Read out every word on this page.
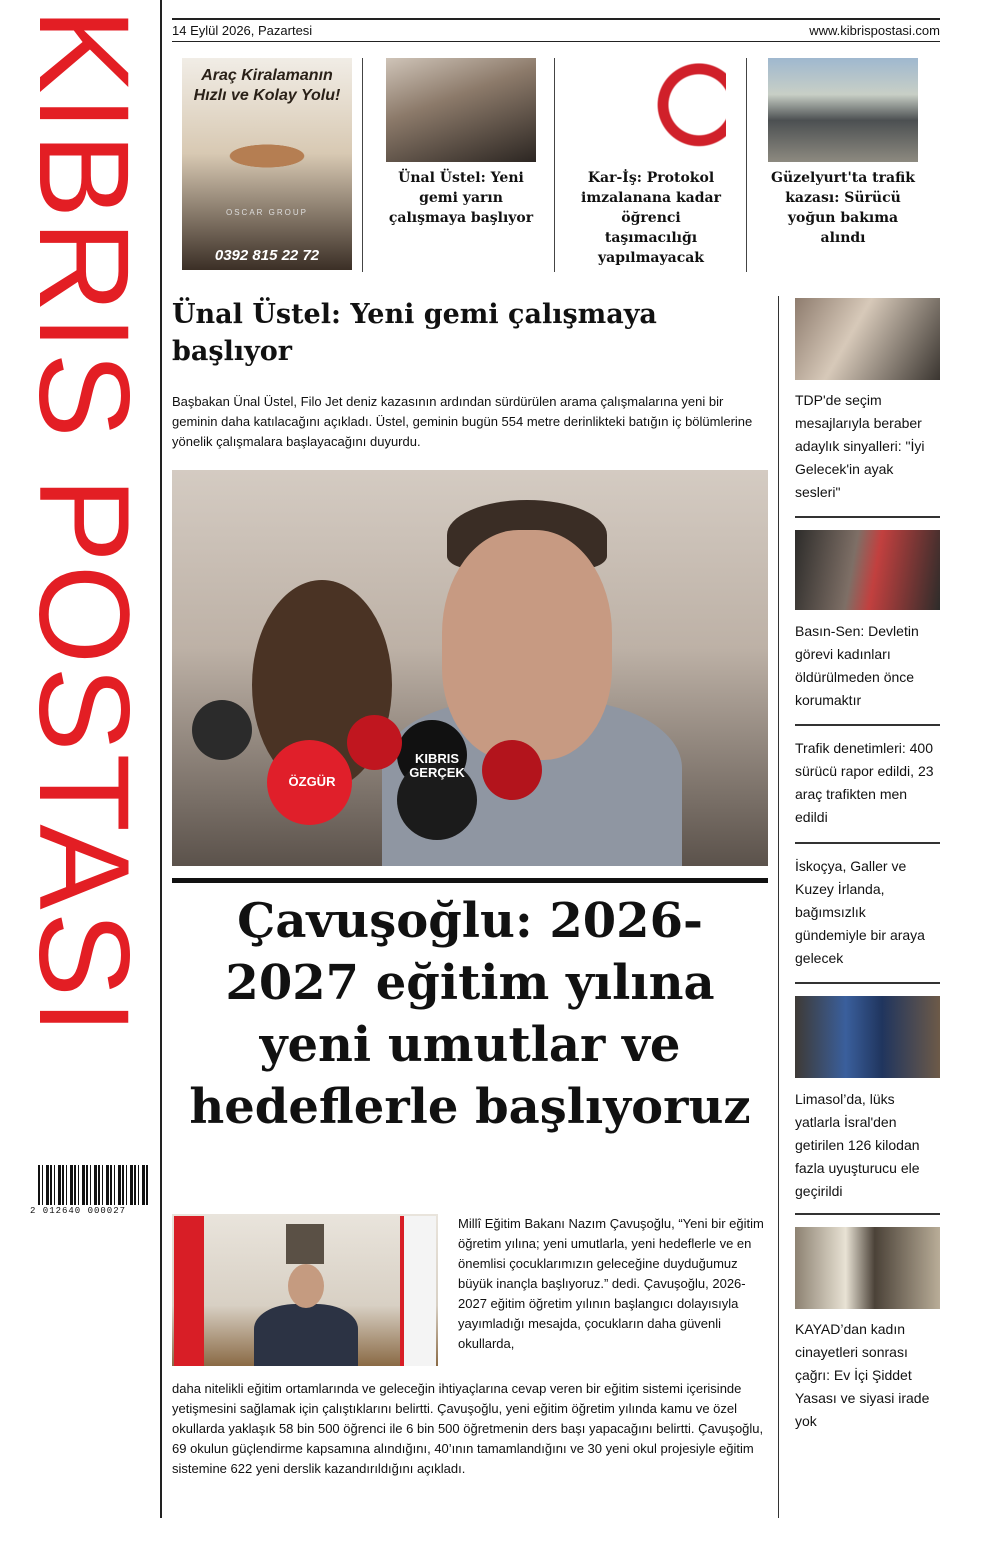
KIBRIS POSTASI
2 012640 000027
14 Eylül 2026, Pazartesi	www.kibrispostasi.com
Araç Kiralamanın Hızlı ve Kolay Yolu!
OSCAR GROUP
0392 815 22 72
Ünal Üstel: Yeni gemi yarın çalışmaya başlıyor
Kar-İş: Protokol imzalanana kadar öğrenci taşımacılığı yapılmayacak
Güzelyurt'ta trafik kazası: Sürücü yoğun bakıma alındı
Ünal Üstel: Yeni gemi çalışmaya başlıyor
Başbakan Ünal Üstel, Filo Jet deniz kazasının ardından sürdürülen arama çalışmalarına yeni bir geminin daha katılacağını açıkladı. Üstel, geminin bugün 554 metre derinlikteki batığın iç bölümlerine yönelik çalışmalara başlayacağını duyurdu.
ÖZGÜR
KIBRIS GERÇEK
Çavuşoğlu: 2026-2027 eğitim yılına yeni umutlar ve hedeflerle başlıyoruz
Millî Eğitim Bakanı Nazım Çavuşoğlu, “Yeni bir eğitim öğretim yılına; yeni umutlarla, yeni hedeflerle ve en önemlisi çocuklarımızın geleceğine duyduğumuz büyük inançla başlıyoruz.” dedi. Çavuşoğlu, 2026-2027 eğitim öğretim yılının başlangıcı dolayısıyla yayımladığı mesajda, çocukların daha güvenli okullarda,
daha nitelikli eğitim ortamlarında ve geleceğin ihtiyaçlarına cevap veren bir eğitim sistemi içerisinde yetişmesini sağlamak için çalıştıklarını belirtti. Çavuşoğlu, yeni eğitim öğretim yılında kamu ve özel okullarda yaklaşık 58 bin 500 öğrenci ile 6 bin 500 öğretmenin ders başı yapacağını belirtti. Çavuşoğlu, 69 okulun güçlendirme kapsamına alındığını, 40’ının tamamlandığını ve 30 yeni okul projesiyle eğitim sistemine 622 yeni derslik kazandırıldığını açıkladı.
TDP'de seçim mesajlarıyla beraber adaylık sinyalleri: "İyi Gelecek'in ayak sesleri"
Basın-Sen: Devletin görevi kadınları öldürülmeden önce korumaktır
Trafik denetimleri: 400 sürücü rapor edildi, 23 araç trafikten men edildi
İskoçya, Galler ve Kuzey İrlanda, bağımsızlık gündemiyle bir araya gelecek
Limasol’da, lüks yatlarla İsral'den getirilen 126 kilodan fazla uyuşturucu ele geçirildi
KAYAD’dan kadın cinayetleri sonrası çağrı: Ev İçi Şiddet Yasası ve siyasi irade yok
